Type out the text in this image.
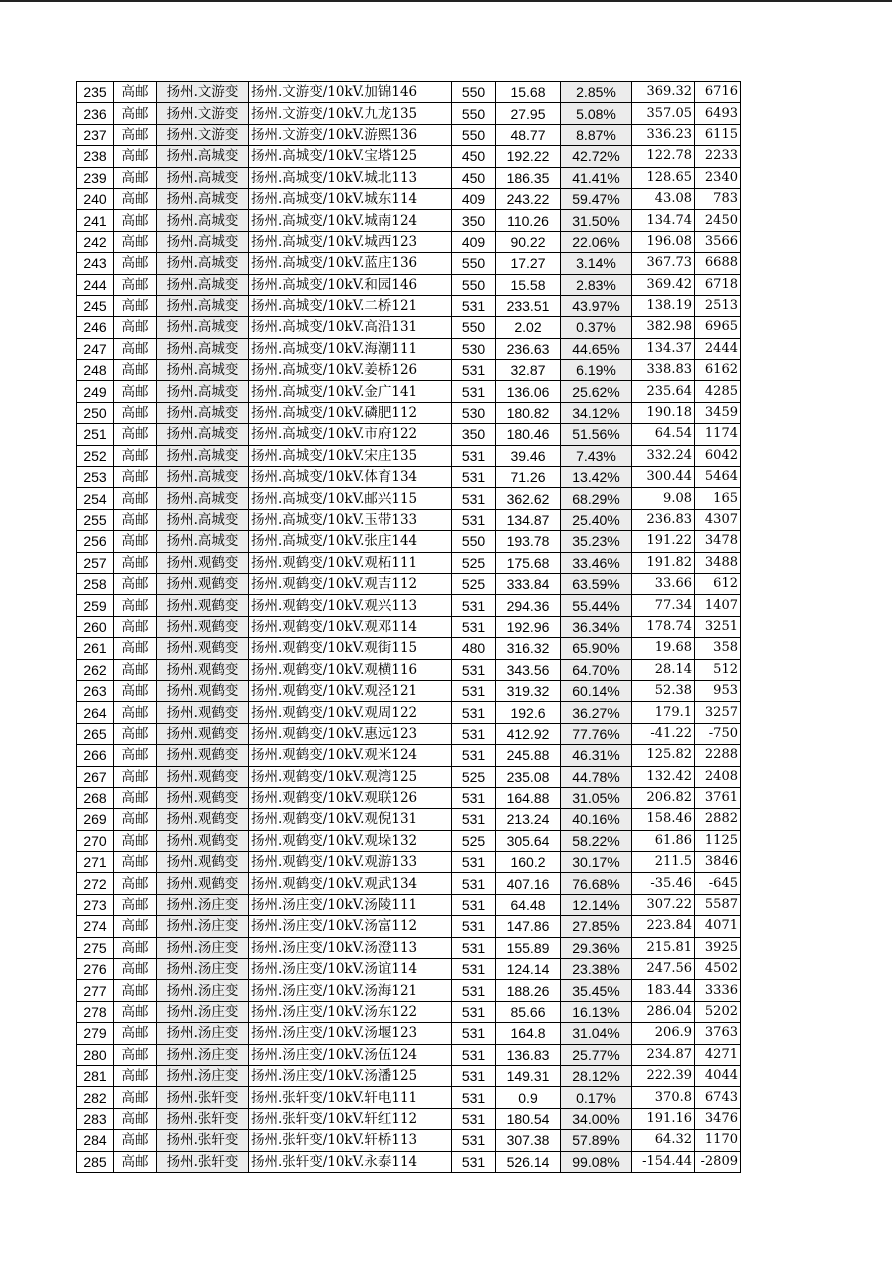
235	高邮	扬州.文游变	扬州.文游变/10kV.加锦146	550	15.68	2.85%	369.32	6716
236	高邮	扬州.文游变	扬州.文游变/10kV.九龙135	550	27.95	5.08%	357.05	6493
237	高邮	扬州.文游变	扬州.文游变/10kV.游熙136	550	48.77	8.87%	336.23	6115
238	高邮	扬州.高城变	扬州.高城变/10kV.宝塔125	450	192.22	42.72%	122.78	2233
239	高邮	扬州.高城变	扬州.高城变/10kV.城北113	450	186.35	41.41%	128.65	2340
240	高邮	扬州.高城变	扬州.高城变/10kV.城东114	409	243.22	59.47%	43.08	783
241	高邮	扬州.高城变	扬州.高城变/10kV.城南124	350	110.26	31.50%	134.74	2450
242	高邮	扬州.高城变	扬州.高城变/10kV.城西123	409	90.22	22.06%	196.08	3566
243	高邮	扬州.高城变	扬州.高城变/10kV.蓝庄136	550	17.27	3.14%	367.73	6688
244	高邮	扬州.高城变	扬州.高城变/10kV.和园146	550	15.58	2.83%	369.42	6718
245	高邮	扬州.高城变	扬州.高城变/10kV.二桥121	531	233.51	43.97%	138.19	2513
246	高邮	扬州.高城变	扬州.高城变/10kV.高沿131	550	2.02	0.37%	382.98	6965
247	高邮	扬州.高城变	扬州.高城变/10kV.海潮111	530	236.63	44.65%	134.37	2444
248	高邮	扬州.高城变	扬州.高城变/10kV.姜桥126	531	32.87	6.19%	338.83	6162
249	高邮	扬州.高城变	扬州.高城变/10kV.金广141	531	136.06	25.62%	235.64	4285
250	高邮	扬州.高城变	扬州.高城变/10kV.磷肥112	530	180.82	34.12%	190.18	3459
251	高邮	扬州.高城变	扬州.高城变/10kV.市府122	350	180.46	51.56%	64.54	1174
252	高邮	扬州.高城变	扬州.高城变/10kV.宋庄135	531	39.46	7.43%	332.24	6042
253	高邮	扬州.高城变	扬州.高城变/10kV.体育134	531	71.26	13.42%	300.44	5464
254	高邮	扬州.高城变	扬州.高城变/10kV.邮兴115	531	362.62	68.29%	9.08	165
255	高邮	扬州.高城变	扬州.高城变/10kV.玉带133	531	134.87	25.40%	236.83	4307
256	高邮	扬州.高城变	扬州.高城变/10kV.张庄144	550	193.78	35.23%	191.22	3478
257	高邮	扬州.观鹤变	扬州.观鹤变/10kV.观柘111	525	175.68	33.46%	191.82	3488
258	高邮	扬州.观鹤变	扬州.观鹤变/10kV.观吉112	525	333.84	63.59%	33.66	612
259	高邮	扬州.观鹤变	扬州.观鹤变/10kV.观兴113	531	294.36	55.44%	77.34	1407
260	高邮	扬州.观鹤变	扬州.观鹤变/10kV.观邓114	531	192.96	36.34%	178.74	3251
261	高邮	扬州.观鹤变	扬州.观鹤变/10kV.观街115	480	316.32	65.90%	19.68	358
262	高邮	扬州.观鹤变	扬州.观鹤变/10kV.观横116	531	343.56	64.70%	28.14	512
263	高邮	扬州.观鹤变	扬州.观鹤变/10kV.观泾121	531	319.32	60.14%	52.38	953
264	高邮	扬州.观鹤变	扬州.观鹤变/10kV.观周122	531	192.6	36.27%	179.1	3257
265	高邮	扬州.观鹤变	扬州.观鹤变/10kV.惠远123	531	412.92	77.76%	-41.22	-750
266	高邮	扬州.观鹤变	扬州.观鹤变/10kV.观米124	531	245.88	46.31%	125.82	2288
267	高邮	扬州.观鹤变	扬州.观鹤变/10kV.观湾125	525	235.08	44.78%	132.42	2408
268	高邮	扬州.观鹤变	扬州.观鹤变/10kV.观联126	531	164.88	31.05%	206.82	3761
269	高邮	扬州.观鹤变	扬州.观鹤变/10kV.观倪131	531	213.24	40.16%	158.46	2882
270	高邮	扬州.观鹤变	扬州.观鹤变/10kV.观垛132	525	305.64	58.22%	61.86	1125
271	高邮	扬州.观鹤变	扬州.观鹤变/10kV.观游133	531	160.2	30.17%	211.5	3846
272	高邮	扬州.观鹤变	扬州.观鹤变/10kV.观武134	531	407.16	76.68%	-35.46	-645
273	高邮	扬州.汤庄变	扬州.汤庄变/10kV.汤陵111	531	64.48	12.14%	307.22	5587
274	高邮	扬州.汤庄变	扬州.汤庄变/10kV.汤富112	531	147.86	27.85%	223.84	4071
275	高邮	扬州.汤庄变	扬州.汤庄变/10kV.汤澄113	531	155.89	29.36%	215.81	3925
276	高邮	扬州.汤庄变	扬州.汤庄变/10kV.汤谊114	531	124.14	23.38%	247.56	4502
277	高邮	扬州.汤庄变	扬州.汤庄变/10kV.汤海121	531	188.26	35.45%	183.44	3336
278	高邮	扬州.汤庄变	扬州.汤庄变/10kV.汤东122	531	85.66	16.13%	286.04	5202
279	高邮	扬州.汤庄变	扬州.汤庄变/10kV.汤堰123	531	164.8	31.04%	206.9	3763
280	高邮	扬州.汤庄变	扬州.汤庄变/10kV.汤伍124	531	136.83	25.77%	234.87	4271
281	高邮	扬州.汤庄变	扬州.汤庄变/10kV.汤潘125	531	149.31	28.12%	222.39	4044
282	高邮	扬州.张轩变	扬州.张轩变/10kV.轩电111	531	0.9	0.17%	370.8	6743
283	高邮	扬州.张轩变	扬州.张轩变/10kV.轩红112	531	180.54	34.00%	191.16	3476
284	高邮	扬州.张轩变	扬州.张轩变/10kV.轩桥113	531	307.38	57.89%	64.32	1170
285	高邮	扬州.张轩变	扬州.张轩变/10kV.永泰114	531	526.14	99.08%	-154.44	-2809
